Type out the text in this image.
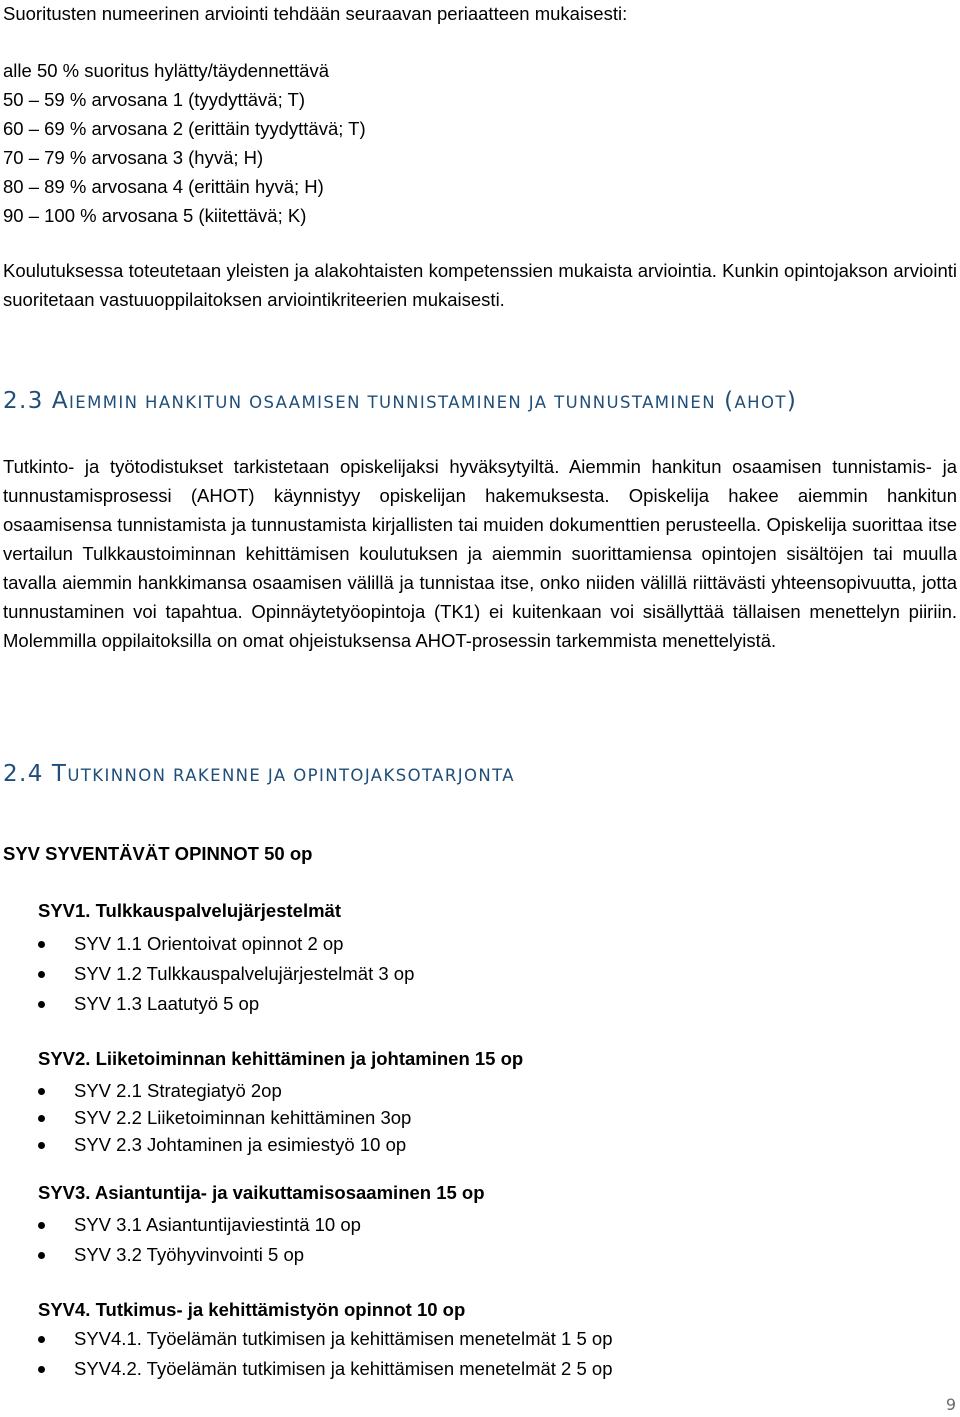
Suoritusten numeerinen arviointi tehdään seuraavan periaatteen mukaisesti:
alle 50 % suoritus hylätty/täydennettävä
50 – 59 % arvosana 1 (tyydyttävä; T)
60 – 69 % arvosana 2 (erittäin tyydyttävä; T)
70 – 79 % arvosana 3 (hyvä; H)
80 – 89 % arvosana 4 (erittäin hyvä; H)
90 – 100 % arvosana 5 (kiitettävä; K)
Koulutuksessa toteutetaan yleisten ja alakohtaisten kompetenssien mukaista arviointia. Kunkin opintojakson arviointi suoritetaan vastuuoppilaitoksen arviointikriteerien mukaisesti.
2.3 AIEMMIN HANKITUN OSAAMISEN TUNNISTAMINEN JA TUNNUSTAMINEN (AHOT)
Tutkinto- ja työtodistukset tarkistetaan opiskelijaksi hyväksytyiltä. Aiemmin hankitun osaamisen tunnistamis- ja tunnustamisprosessi (AHOT) käynnistyy opiskelijan hakemuksesta. Opiskelija hakee aiemmin hankitun osaamisensa tunnistamista ja tunnustamista kirjallisten tai muiden dokumenttien perusteella. Opiskelija suorittaa itse vertailun Tulkkaustoiminnan kehittämisen koulutuksen ja aiemmin suorittamiensa opintojen sisältöjen tai muulla tavalla aiemmin hankkimansa osaamisen välillä ja tunnistaa itse, onko niiden välillä riittävästi yhteensopivuutta, jotta tunnustaminen voi tapahtua. Opinnäytetyöopintoja (TK1) ei kuitenkaan voi sisällyttää tällaisen menettelyn piiriin. Molemmilla oppilaitoksilla on omat ohjeistuksensa AHOT-prosessin tarkemmista menettelyistä.
2.4 TUTKINNON RAKENNE JA OPINTOJAKSOTARJONTA
SYV SYVENTÄVÄT OPINNOT 50 op
SYV1. Tulkkauspalvelujärjestelmät
SYV 1.1 Orientoivat opinnot 2 op
SYV 1.2 Tulkkauspalvelujärjestelmät 3 op
SYV 1.3 Laatutyö 5 op
SYV2. Liiketoiminnan kehittäminen ja johtaminen 15 op
SYV 2.1 Strategiatyö 2op
SYV 2.2 Liiketoiminnan kehittäminen 3op
SYV 2.3 Johtaminen ja esimiestyö 10 op
SYV3. Asiantuntija- ja vaikuttamisosaaminen 15 op
SYV 3.1 Asiantuntijaviestintä 10 op
SYV 3.2 Työhyvinvointi 5 op
SYV4. Tutkimus- ja kehittämistyön opinnot 10 op
SYV4.1. Työelämän tutkimisen ja kehittämisen menetelmät 1 5 op
SYV4.2. Työelämän tutkimisen ja kehittämisen menetelmät 2 5 op
9
